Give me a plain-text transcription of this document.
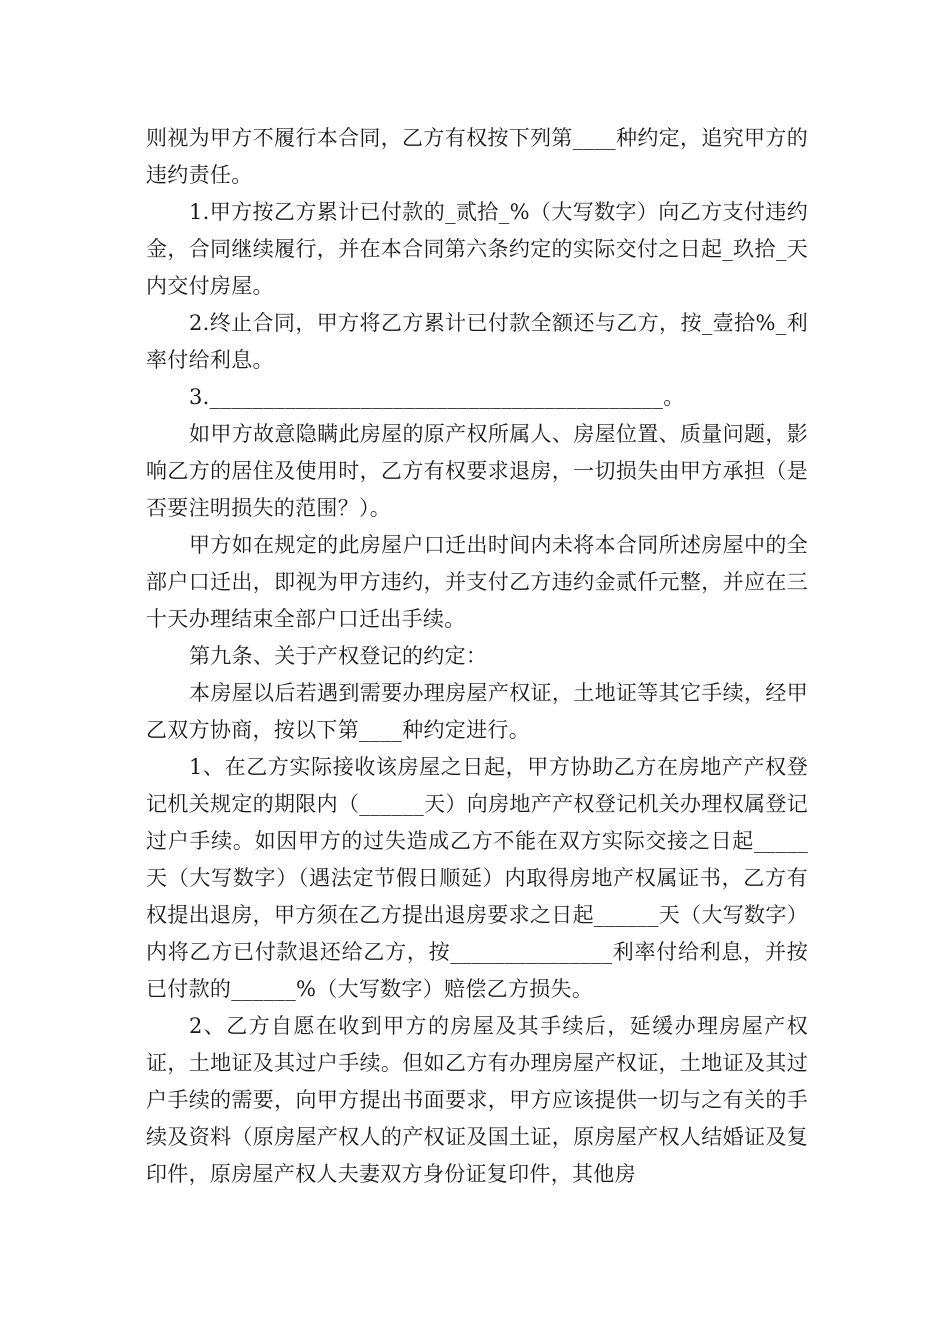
则视为甲方不履行本合同，乙方有权按下列第____种约定，追究甲方的违约责任。

1.甲方按乙方累计已付款的_贰拾_%（大写数字）向乙方支付违约金，合同继续履行，并在本合同第六条约定的实际交付之日起_玖拾_天内交付房屋。

2.终止合同，甲方将乙方累计已付款全额还与乙方，按_壹拾%_利率付给利息。

3.__________________________________________。

如甲方故意隐瞒此房屋的原产权所属人、房屋位置、质量问题，影响乙方的居住及使用时，乙方有权要求退房，一切损失由甲方承担（是否要注明损失的范围？）。

甲方如在规定的此房屋户口迁出时间内未将本合同所述房屋中的全部户口迁出，即视为甲方违约，并支付乙方违约金贰仟元整，并应在三十天办理结束全部户口迁出手续。

第九条、关于产权登记的约定：

本房屋以后若遇到需要办理房屋产权证，土地证等其它手续，经甲乙双方协商，按以下第____种约定进行。

1、在乙方实际接收该房屋之日起，甲方协助乙方在房地产产权登记机关规定的期限内（______天）向房地产产权登记机关办理权属登记过户手续。如因甲方的过失造成乙方不能在双方实际交接之日起_____天（大写数字）（遇法定节假日顺延）内取得房地产权属证书，乙方有权提出退房，甲方须在乙方提出退房要求之日起______天（大写数字）内将乙方已付款退还给乙方，按_______________利率付给利息，并按已付款的______%（大写数字）赔偿乙方损失。

2、乙方自愿在收到甲方的房屋及其手续后，延缓办理房屋产权证，土地证及其过户手续。但如乙方有办理房屋产权证，土地证及其过户手续的需要，向甲方提出书面要求，甲方应该提供一切与之有关的手续及资料（原房屋产权人的产权证及国土证，原房屋产权人结婚证及复印件，原房屋产权人夫妻双方身份证复印件，其他房
